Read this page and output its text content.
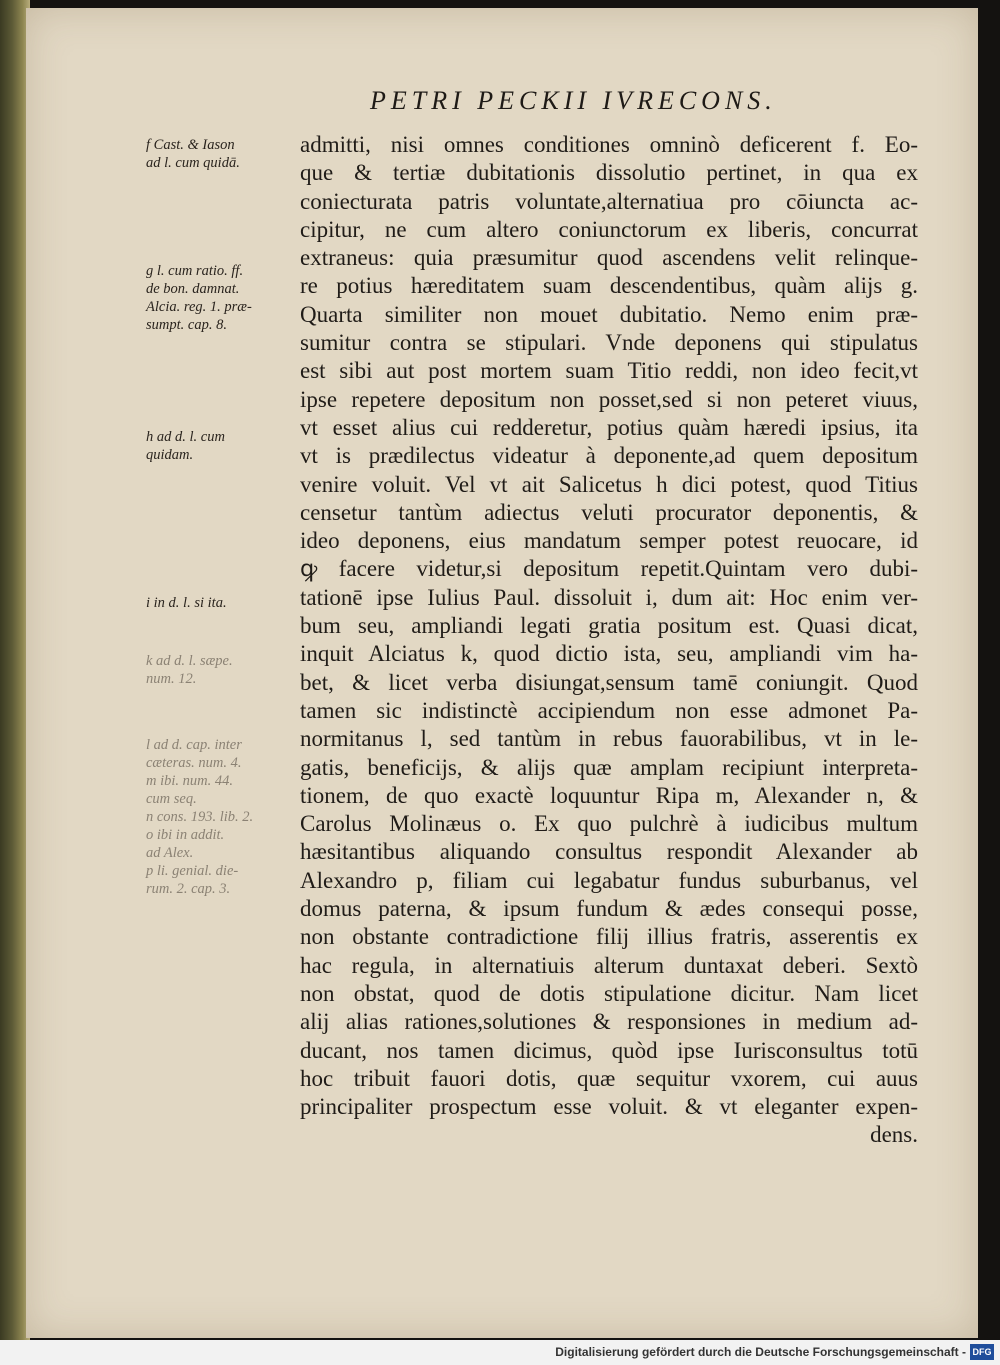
PETRI PECKII IVRECONS.
admitti, nisi omnes conditiones omninò deficerent f. Eo-
que & tertiæ dubitationis dissolutio pertinet, in qua ex
coniecturata patris voluntate,alternatiua pro cōiuncta ac-
cipitur, ne cum altero coniunctorum ex liberis, concurrat
extraneus: quia præsumitur quod ascendens velit relinque-
re potius hæreditatem suam descendentibus, quàm alijs g.
Quarta similiter non mouet dubitatio. Nemo enim præ-
sumitur contra se stipulari. Vnde deponens qui stipulatus
est sibi aut post mortem suam Titio reddi, non ideo fecit,vt
ipse repetere depositum non posset,sed si non peteret viuus,
vt esset alius cui redderetur, potius quàm hæredi ipsius, ita
vt is prædilectus videatur à deponente,ad quem depositum
venire voluit. Vel vt ait Salicetus h dici potest, quod Titius
censetur tantùm adiectus veluti procurator deponentis, &
ideo deponens, eius mandatum semper potest reuocare, id
ꝙ facere videtur,si depositum repetit.Quintam vero dubi-
tationē ipse Iulius Paul. dissoluit i, dum ait: Hoc enim ver-
bum seu, ampliandi legati gratia positum est. Quasi dicat,
inquit Alciatus k, quod dictio ista, seu, ampliandi vim ha-
bet, & licet verba disiungat,sensum tamē coniungit. Quod
tamen sic indistinctè accipiendum non esse admonet Pa-
normitanus l, sed tantùm in rebus fauorabilibus, vt in le-
gatis, beneficijs, & alijs quæ amplam recipiunt interpreta-
tionem, de quo exactè loquuntur Ripa m, Alexander n, &
Carolus Molinæus o. Ex quo pulchrè à iudicibus multum
hæsitantibus aliquando consultus respondit Alexander ab
Alexandro p, filiam cui legabatur fundus suburbanus, vel
domus paterna, & ipsum fundum & ædes consequi posse,
non obstante contradictione filij illius fratris, asserentis ex
hac regula, in alternatiuis alterum duntaxat deberi. Sextò
non obstat, quod de dotis stipulatione dicitur. Nam licet
alij alias rationes,solutiones & responsiones in medium ad-
ducant, nos tamen dicimus, quòd ipse Iurisconsultus totū
hoc tribuit fauori dotis, quæ sequitur vxorem, cui auus
principaliter prospectum esse voluit. & vt eleganter expen-
dens.
f Cast. & Iason
ad l. cum quidā.
g l. cum ratio. ff.
de bon. damnat.
Alcia. reg. 1. præ-
sumpt. cap. 8.
h ad d. l. cum
quidam.
i in d. l. si ita.
k ad d. l. sæpe.
num. 12.
l ad d. cap. inter
cæteras. num. 4.
m ibi. num. 44.
cum seq.
n cons. 193. lib. 2.
o ibi in addit.
ad Alex.
p li. genial. die-
rum. 2. cap. 3.
Digitalisierung gefördert durch die Deutsche Forschungsgemeinschaft - DFG
